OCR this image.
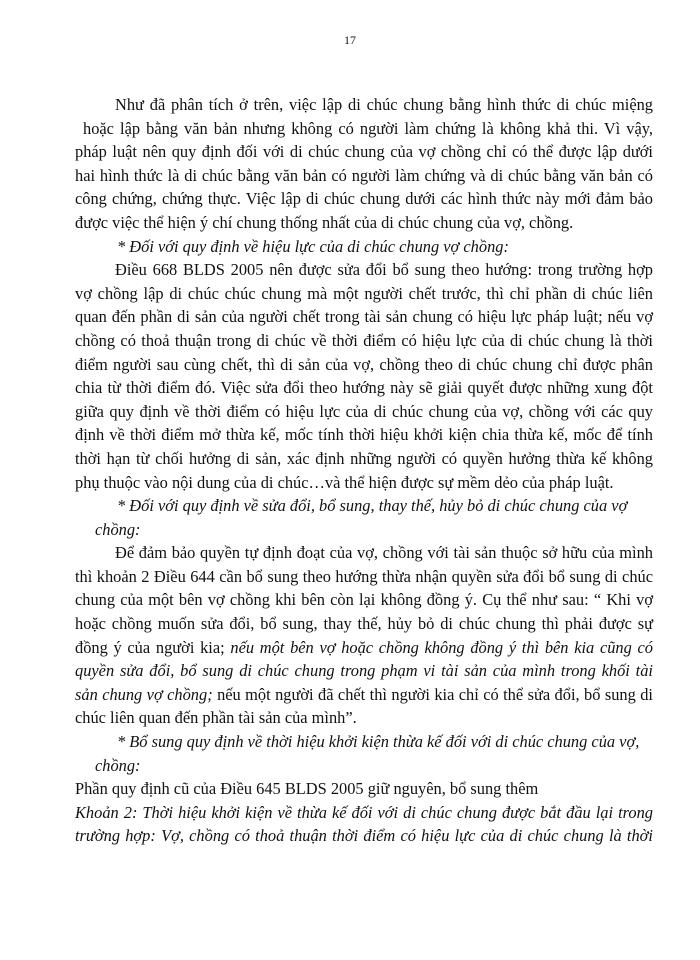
17
Như đã phân tích ở trên, việc lập di chúc chung bằng hình thức di chúc miệng
hoặc lập bằng văn bản nhưng không có người làm chứng là không khả thi. Vì vậy,
pháp luật nên quy định đối với di chúc chung của vợ chồng chỉ có thể được lập dưới
hai hình thức là di chúc bằng văn bản có người làm chứng và di chúc bằng văn bản có
công chứng, chứng thực. Việc lập di chúc chung dưới các hình thức này mới đảm bảo
được việc thể hiện ý chí chung thống nhất của di chúc chung của vợ, chồng.
* Đối với quy định về hiệu lực của di chúc chung vợ chồng:
Điều 668 BLDS 2005 nên được sửa đổi bổ sung theo hướng: trong trường hợp
vợ chồng lập di chúc chúc chung mà một người chết trước, thì chỉ phần di chúc liên
quan đến phần di sản của người chết trong tài sản chung có hiệu lực pháp luật; nếu vợ
chồng có thoả thuận trong di chúc về thời điểm có hiệu lực của di chúc chung là thời
điểm người sau cùng chết, thì di sản của vợ, chồng theo di chúc chung chỉ được phân
chia từ thời điểm đó. Việc sửa đổi theo hướng này sẽ giải quyết được những xung đột
giữa quy định về thời điểm có hiệu lực của di chúc chung của vợ, chồng với các quy
định về thời điểm mở thừa kế, mốc tính thời hiệu khởi kiện chia thừa kế, mốc để tính
thời hạn từ chối hưởng di sản, xác định những người có quyền hưởng thừa kế không
phụ thuộc vào nội dung của di chúc…và thể hiện được sự mềm dẻo của pháp luật.
* Đối với quy định về sửa đổi, bổ sung, thay thế, hủy bỏ di chúc chung của vợ
chồng:
Để đảm bảo quyền tự định đoạt của vợ, chồng với tài sản thuộc sở hữu của mình
thì khoản 2 Điều 644 cần bổ sung theo hướng thừa nhận quyền sửa đổi bổ sung di chúc
chung của một bên vợ chồng khi bên còn lại không đồng ý. Cụ thể như sau: “ Khi vợ
hoặc chồng muốn sửa đổi, bổ sung, thay thế, hủy bỏ di chúc chung thì phải được sự
đồng ý của người kia; nếu một bên vợ hoặc chồng không đồng ý thì bên kia cũng có
quyền sửa đổi, bổ sung di chúc chung trong phạm vi tài sản của mình trong khối tài
sản chung vợ chồng; nếu một người đã chết thì người kia chỉ có thể sửa đổi, bổ sung di
chúc liên quan đến phần tài sản của mình”.
* Bổ sung quy định về thời hiệu khởi kiện thừa kế đối với di chúc chung của vợ,
chồng:
Phần quy định cũ của Điều 645 BLDS 2005 giữ nguyên, bổ sung thêm
Khoản 2: Thời hiệu khởi kiện về thừa kế đối với di chúc chung được bắt đầu lại trong
trường hợp: Vợ, chồng có thoả thuận thời điểm có hiệu lực của di chúc chung là thời
